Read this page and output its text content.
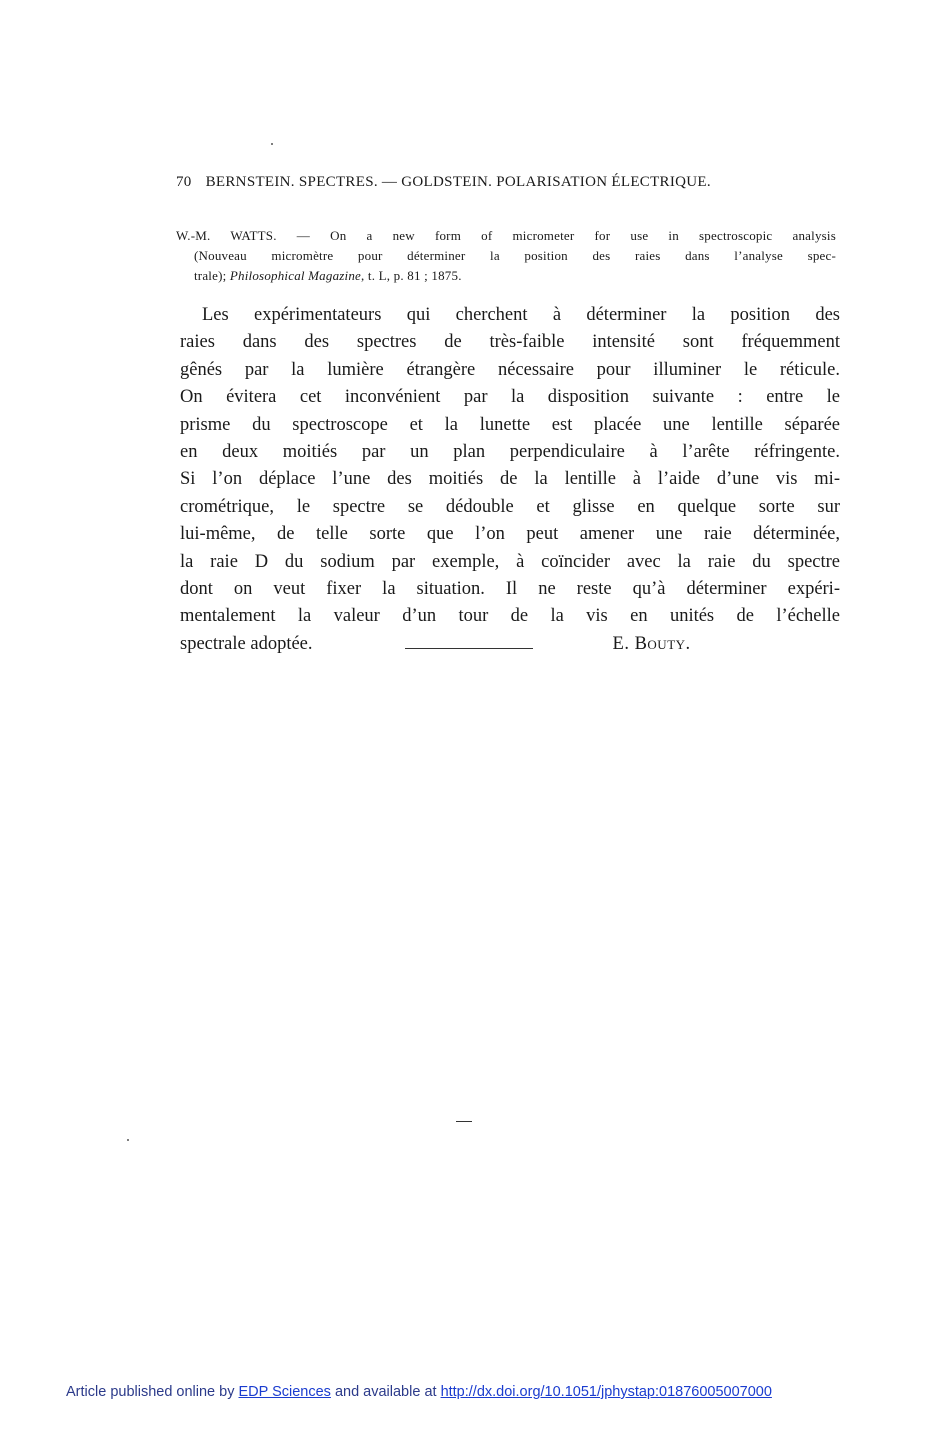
70 BERNSTEIN. SPECTRES. — GOLDSTEIN. POLARISATION ÉLECTRIQUE.
W.-M. WATTS. — On a new form of micrometer for use in spectroscopic analysis
(Nouveau micromètre pour déterminer la position des raies dans l’analyse spec-
trale); Philosophical Magazine, t. L, p. 81 ; 1875.
Les expérimentateurs qui cherchent à déterminer la position des
raies dans des spectres de très-faible intensité sont fréquemment
gênés par la lumière étrangère nécessaire pour illuminer le réticule.
On évitera cet inconvénient par la disposition suivante : entre le
prisme du spectroscope et la lunette est placée une lentille séparée
en deux moitiés par un plan perpendiculaire à l’arête réfringente.
Si l’on déplace l’une des moitiés de la lentille à l’aide d’une vis mi-
crométrique, le spectre se dédouble et glisse en quelque sorte sur
lui-même, de telle sorte que l’on peut amener une raie déterminée,
la raie D du sodium par exemple, à coïncider avec la raie du spectre
dont on veut fixer la situation. Il ne reste qu’à déterminer expéri-
mentalement la valeur d’un tour de la vis en unités de l’échelle
spectrale adoptée.	E. Bouty.
Article published online by EDP Sciences and available at http://dx.doi.org/10.1051/jphystap:01876005007000
